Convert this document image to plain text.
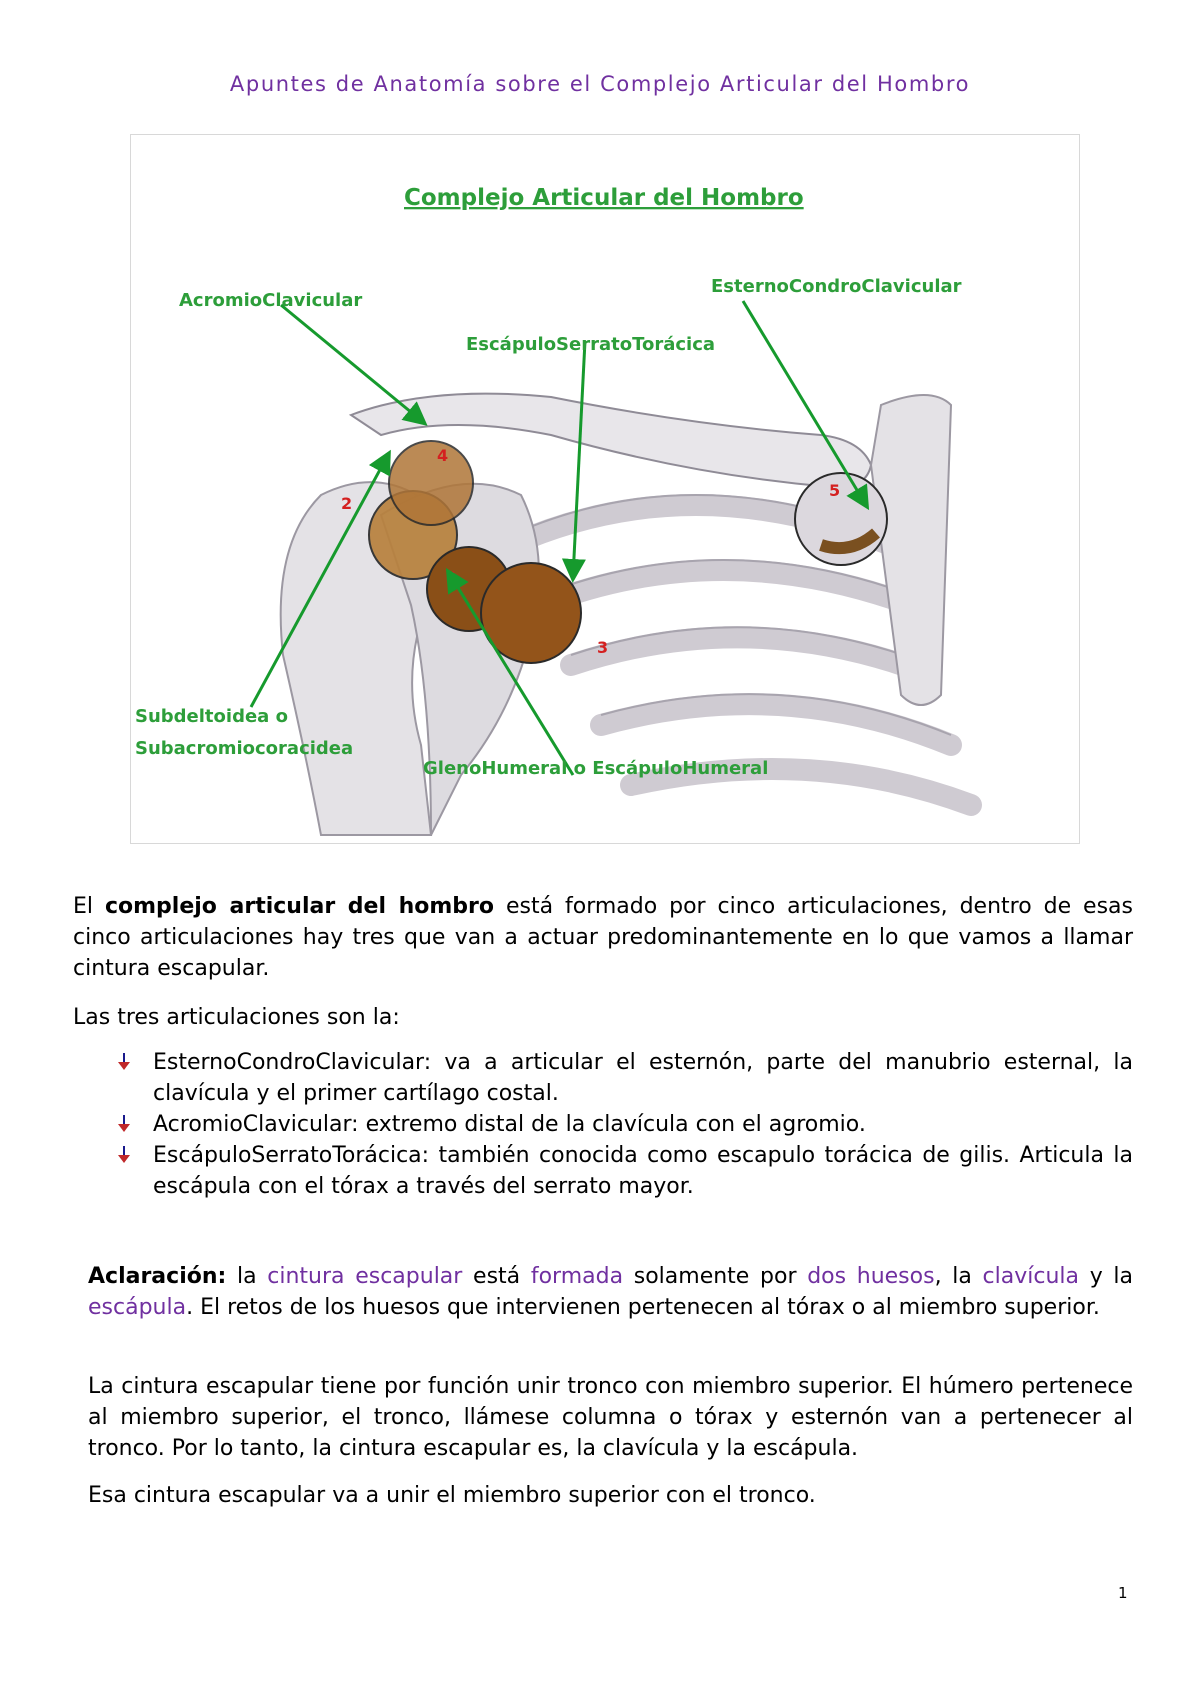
Apuntes de Anatomía sobre el Complejo Articular del Hombro
4
2
1
3
5
Complejo Articular del Hombro
AcromioClavicular
EsternoCondroClavicular
EscápuloSerratoTorácica
Subdeltoidea o
Subacromiocoracidea
GlenoHumeral o EscápuloHumeral

El complejo articular del hombro está formado por cinco articulaciones, dentro de esas cinco articulaciones hay tres que van a actuar predominantemente en lo que vamos a llamar cintura escapular.

Las tres articulaciones son la:

EsternoCondroClavicular: va a articular el esternón, parte del manubrio esternal, la clavícula y el primer cartílago costal.
AcromioClavicular: extremo distal de la clavícula con el agromio.
EscápuloSerratoTorácica: también conocida como escapulo torácica de gilis. Articula la escápula con el tórax a través del serrato mayor.

Aclaración: la cintura escapular está formada solamente por dos huesos, la clavícula y la escápula. El retos de los huesos que intervienen pertenecen al tórax o al miembro superior.

La cintura escapular tiene por función unir tronco con miembro superior. El húmero pertenece al miembro superior, el tronco, llámese columna o tórax y esternón van a pertenecer al tronco. Por lo tanto, la cintura escapular es, la clavícula y la escápula.

Esa cintura escapular va a unir el miembro superior con el tronco.

1
